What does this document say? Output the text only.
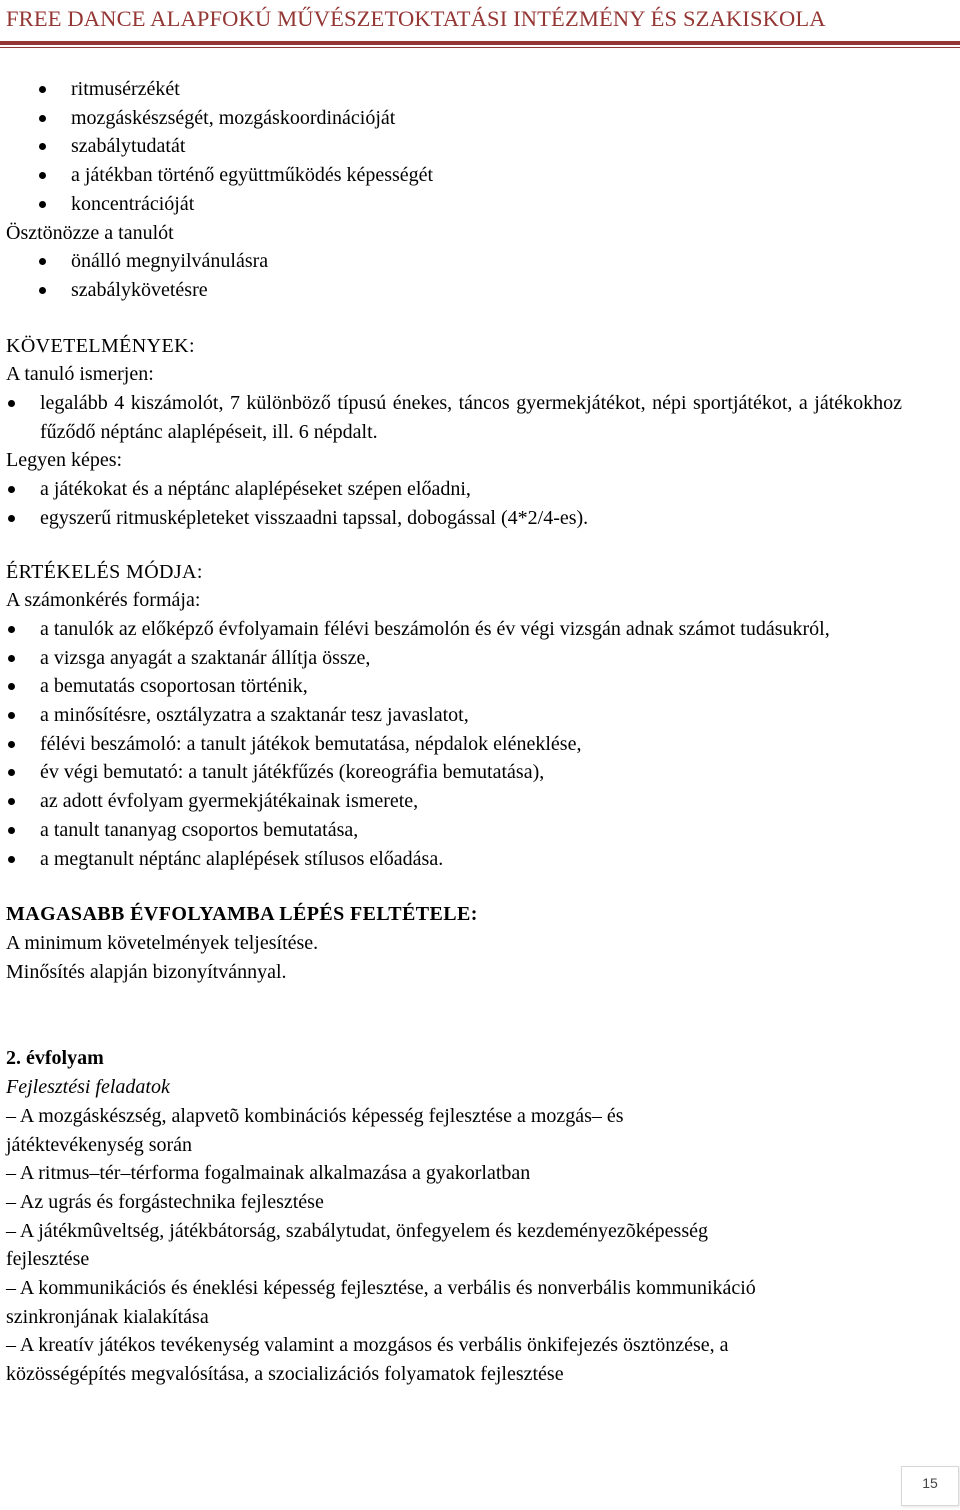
FREE DANCE ALAPFOKÚ MŰVÉSZETOKTATÁSI INTÉZMÉNY ÉS SZAKISKOLA
ritmusérzékét
mozgáskészségét, mozgáskoordinációját
szabálytudatát
a játékban történő együttműködés képességét
koncentrációját
Ösztönözze a tanulót
önálló megnyilvánulásra
szabálykövetésre
KÖVETELMÉNYEK:
A tanuló ismerjen:
legalább 4 kiszámolót, 7 különböző típusú énekes, táncos gyermekjátékot, népi sportjátékot, a játékokhoz fűződő néptánc alaplépéseit, ill. 6 népdalt.
Legyen képes:
a játékokat és a néptánc alaplépéseket szépen előadni,
egyszerű ritmusképleteket visszaadni tapssal, dobogással (4*2/4-es).
ÉRTÉKELÉS MÓDJA:
A számonkérés formája:
a tanulók az előképző évfolyamain félévi beszámolón és év végi vizsgán adnak számot tudásukról,
a vizsga anyagát a szaktanár állítja össze,
a bemutatás csoportosan történik,
a minősítésre, osztályzatra a szaktanár tesz javaslatot,
félévi beszámoló: a tanult játékok bemutatása, népdalok eléneklése,
év végi bemutató: a tanult játékfűzés (koreográfia bemutatása),
az adott évfolyam gyermekjátékainak ismerete,
a tanult tananyag csoportos bemutatása,
a megtanult néptánc alaplépések stílusos előadása.
MAGASABB ÉVFOLYAMBA LÉPÉS FELTÉTELE:
A minimum követelmények teljesítése.
Minősítés alapján bizonyítvánnyal.
2. évfolyam
Fejlesztési feladatok
– A mozgáskészség, alapvetõ kombinációs képesség fejlesztése a mozgás– és
játéktevékenység során
– A ritmus–tér–térforma fogalmainak alkalmazása a gyakorlatban
– Az ugrás és forgástechnika fejlesztése
– A játékmûveltség, játékbátorság, szabálytudat, önfegyelem és kezdeményezõképesség
fejlesztése
– A kommunikációs és éneklési képesség fejlesztése, a verbális és nonverbális kommunikáció
szinkronjának kialakítása
– A kreatív játékos tevékenység valamint a mozgásos és verbális önkifejezés ösztönzése, a
közösségépítés megvalósítása, a szocializációs folyamatok fejlesztése
15
